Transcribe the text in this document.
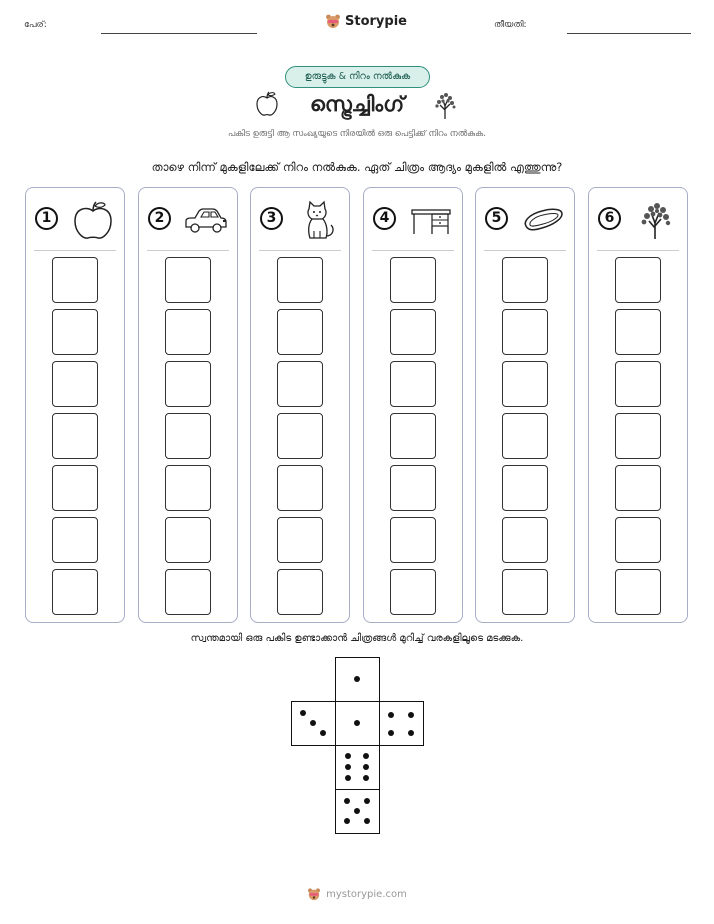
പേര്:	Storypie	തീയതി:
ഉരുട്ടുക & നിറം നൽകുക
സ്ട്രെച്ചിംഗ്
പകിട ഉരുട്ടി ആ സംഖ്യയുടെ നിരയിൽ ഒരു പെട്ടിക്ക് നിറം നൽകുക.
താഴെ നിന്ന് മുകളിലേക്ക് നിറം നൽകുക. ഏത് ചിത്രം ആദ്യം മുകളിൽ എത്തുന്നു?
1	2	3	4	5	6
സ്വന്തമായി ഒരു പകിട ഉണ്ടാക്കാൻ ചിത്രങ്ങൾ മുറിച്ച് വരകളിലൂടെ മടക്കുക.
mystorypie.com
